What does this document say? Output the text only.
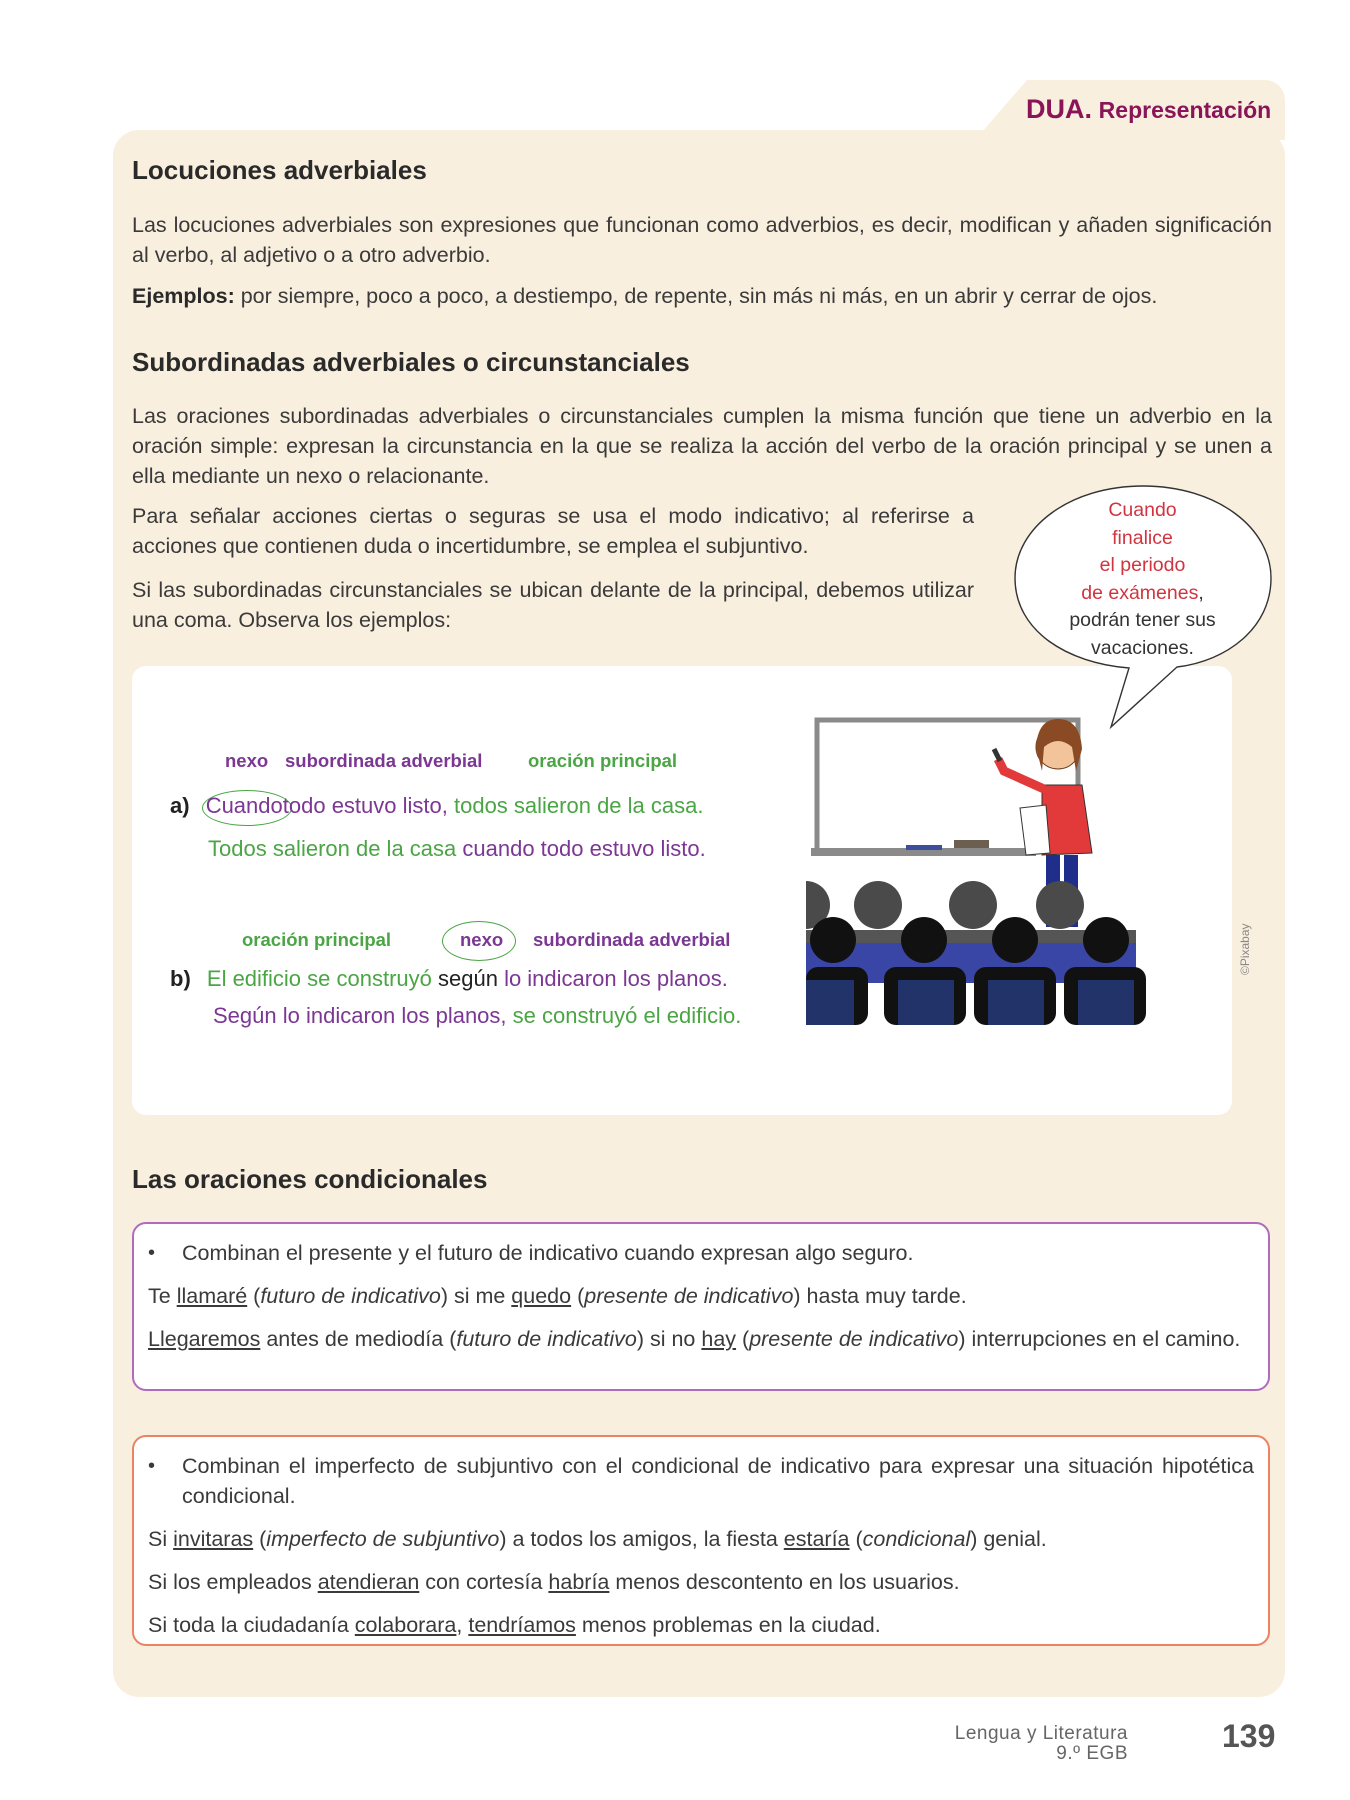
DUA. Representación
Locuciones adverbiales

Las locuciones adverbiales son expresiones que funcionan como adverbios, es decir, modifican y añaden significación al verbo, al adjetivo o a otro adverbio.

Ejemplos: por siempre, poco a poco, a destiempo, de repente, sin más ni más, en un abrir y cerrar de ojos.

Subordinadas adverbiales o circunstanciales

Las oraciones subordinadas adverbiales o circunstanciales cumplen la misma función que tiene un adverbio en la oración simple: expresan la circunstancia en la que se realiza la acción del verbo de la oración principal y se unen a ella mediante un nexo o relacionante.

Para señalar acciones ciertas o seguras se usa el modo indicativo; al referirse a acciones que contienen duda o incertidumbre, se emplea el subjuntivo.

Si las subordinadas circunstanciales se ubican delante de la principal, debemos utilizar una coma. Observa los ejemplos:

Cuando
finalice
el periodo
de exámenes,
podrán tener sus
vacaciones.
nexo subordinada adverbial oración principal
a) Cuandotodo estuvo listo, todos salieron de la casa.
Todos salieron de la casa cuando todo estuvo listo.
oración principal	nexo subordinada adverbial
b) El edificio se construyó según lo indicaron los planos.
Según lo indicaron los planos, se construyó el edificio.
©Pixabay
Las oraciones condicionales
•	Combinan el presente y el futuro de indicativo cuando expresan algo seguro.

Te llamaré (futuro de indicativo) si me quedo (presente de indicativo) hasta muy tarde.

Llegaremos antes de mediodía (futuro de indicativo) si no hay (presente de indicativo) interrupciones en el camino.

•	Combinan el imperfecto de subjuntivo con el condicional de indicativo para expresar una situación hipotética condicional.

Si invitaras (imperfecto de subjuntivo) a todos los amigos, la fiesta estaría (condicional) genial.

Si los empleados atendieran con cortesía habría menos descontento en los usuarios.

Si toda la ciudadanía colaborara, tendríamos menos problemas en la ciudad.

Lengua y Literatura
9.º EGB	139
